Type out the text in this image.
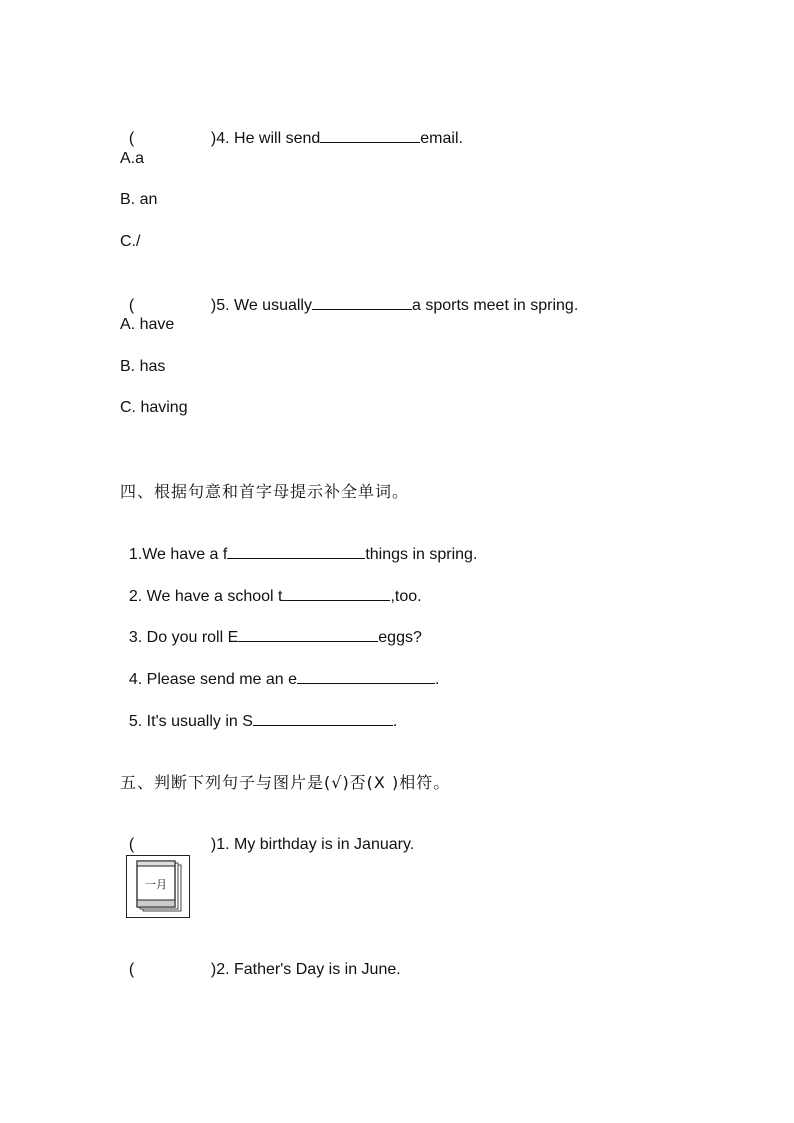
(	)4. He will send	email.

A.a
B. an
C./

(	)5. We usually	a sports meet in spring.

A. have
B. has
C. having
四、根据句意和首字母提示补全单词。

1.We have a f	things in spring.

2. We have a school t	,too.

3. Do you roll E	eggs?

4. Please send me an e	.

5. It's usually in S	.

五、判断下列句子与图片是(√)否(X )相符。

(	)1. My birthday is in January.

一月

(	)2. Father's Day is in June.
